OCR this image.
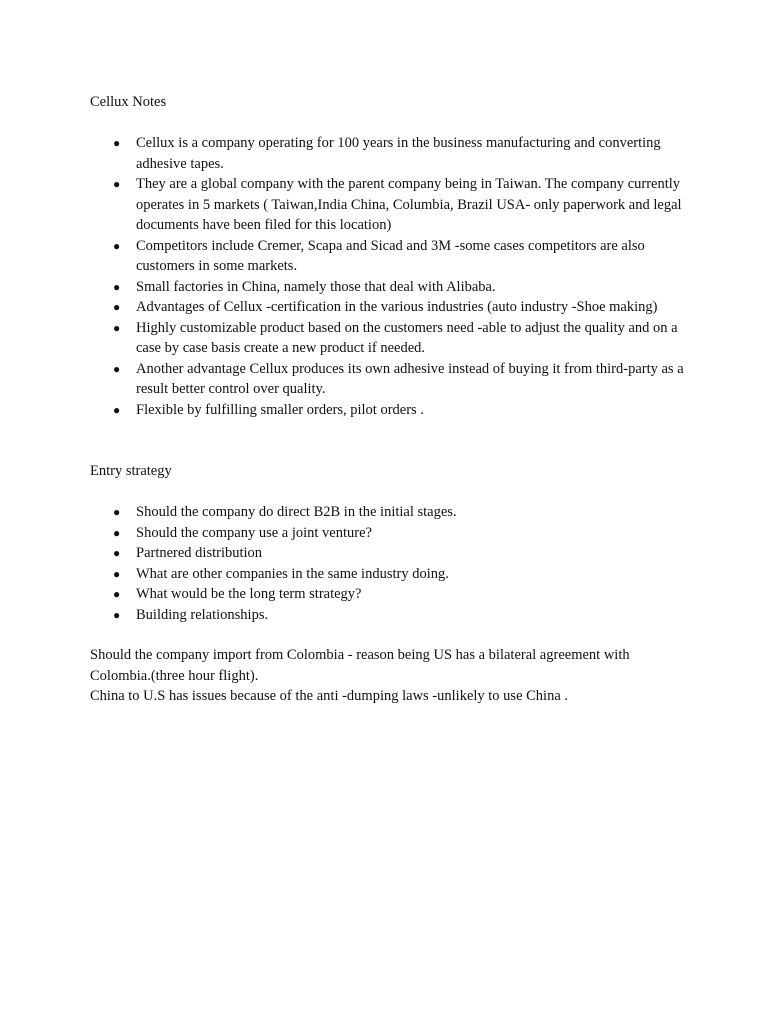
Cellux Notes
● Cellux is a company operating for 100 years in the business manufacturing and converting adhesive tapes.
● They are a global company with the parent company being in Taiwan. The company currently operates in 5 markets ( Taiwan,India China, Columbia, Brazil USA- only paperwork and legal documents have been filed for this location)
● Competitors include Cremer, Scapa and Sicad and 3M -some cases competitors are also customers in some markets.
● Small factories in China, namely those that deal with Alibaba.
● Advantages of Cellux -certification in the various industries (auto industry -Shoe making)
● Highly customizable product based on the customers need -able to adjust the quality and on a case by case basis create a new product if needed.
● Another advantage Cellux produces its own adhesive instead of buying it from third-party as a result better control over quality.
● Flexible by fulfilling smaller orders, pilot orders .
Entry strategy
● Should the company do direct B2B in the initial stages.
● Should the company use a joint venture?
● Partnered distribution
● What are other companies in the same industry doing.
● What would be the long term strategy?
● Building relationships.

Should the company import from Colombia - reason being US has a bilateral agreement with Colombia.(three hour flight).

China to U.S has issues because of the anti -dumping laws -unlikely to use China .
